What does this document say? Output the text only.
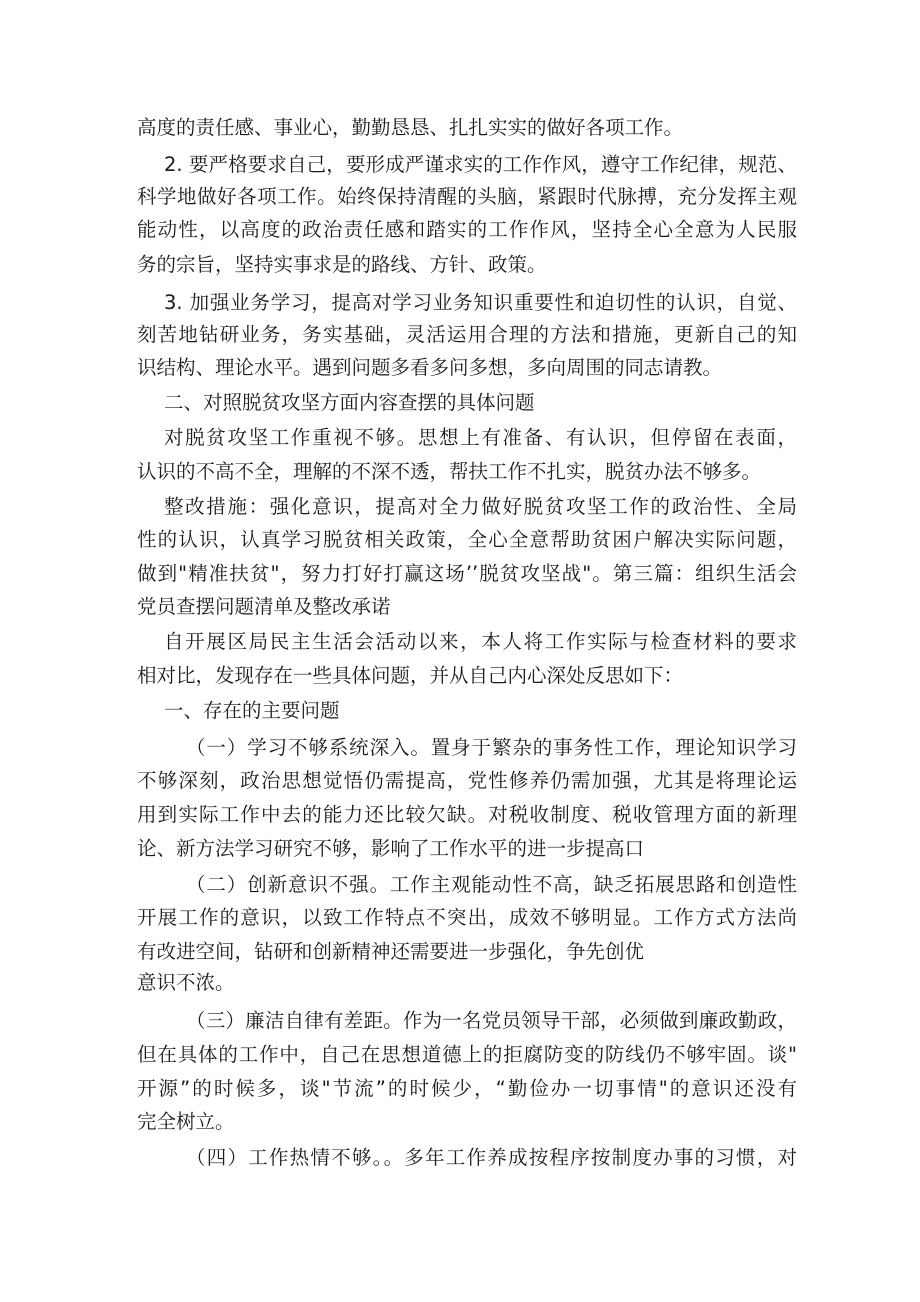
高度的责任感、事业心，勤勤恳恳、扎扎实实的做好各项工作。
2. 要严格要求自己，要形成严谨求实的工作作风，遵守工作纪律，规范、
科学地做好各项工作。始终保持清醒的头脑，紧跟时代脉搏，充分发挥主观
能动性，以高度的政治责任感和踏实的工作作风，坚持全心全意为人民服
务的宗旨，坚持实事求是的路线、方针、政策。
3. 加强业务学习，提高对学习业务知识重要性和迫切性的认识，自觉、
刻苦地钻研业务，务实基础，灵活运用合理的方法和措施，更新自己的知
识结构、理论水平。遇到问题多看多问多想，多向周围的同志请教。
二、对照脱贫攻坚方面内容查摆的具体问题
对脱贫攻坚工作重视不够。思想上有准备、有认识，但停留在表面，
认识的不高不全，理解的不深不透，帮扶工作不扎实，脱贫办法不够多。
整改措施：强化意识，提高对全力做好脱贫攻坚工作的政治性、全局
性的认识，认真学习脱贫相关政策，全心全意帮助贫困户解决实际问题，
做到"精准扶贫"，努力打好打赢这场’’脱贫攻坚战"。第三篇：组织生活会
党员查摆问题清单及整改承诺
自开展区局民主生活会活动以来，本人将工作实际与检查材料的要求
相对比，发现存在一些具体问题，并从自己内心深处反思如下：
一、存在的主要问题
（一）学习不够系统深入。置身于繁杂的事务性工作，理论知识学习
不够深刻，政治思想觉悟仍需提高，党性修养仍需加强，尤其是将理论运
用到实际工作中去的能力还比较欠缺。对税收制度、税收管理方面的新理
论、新方法学习研究不够，影响了工作水平的进一步提高口
（二）创新意识不强。工作主观能动性不高，缺乏拓展思路和创造性
开展工作的意识，以致工作特点不突出，成效不够明显。工作方式方法尚
有改进空间，钻研和创新精神还需要进一步强化，争先创优
意识不浓。
（三）廉洁自律有差距。作为一名党员领导干部，必须做到廉政勤政，
但在具体的工作中，自己在思想道德上的拒腐防变的防线仍不够牢固。谈"
开源”的时候多，谈"节流”的时候少，“勤俭办一切事情"的意识还没有
完全树立。
（四）工作热情不够。。多年工作养成按程序按制度办事的习惯，对
